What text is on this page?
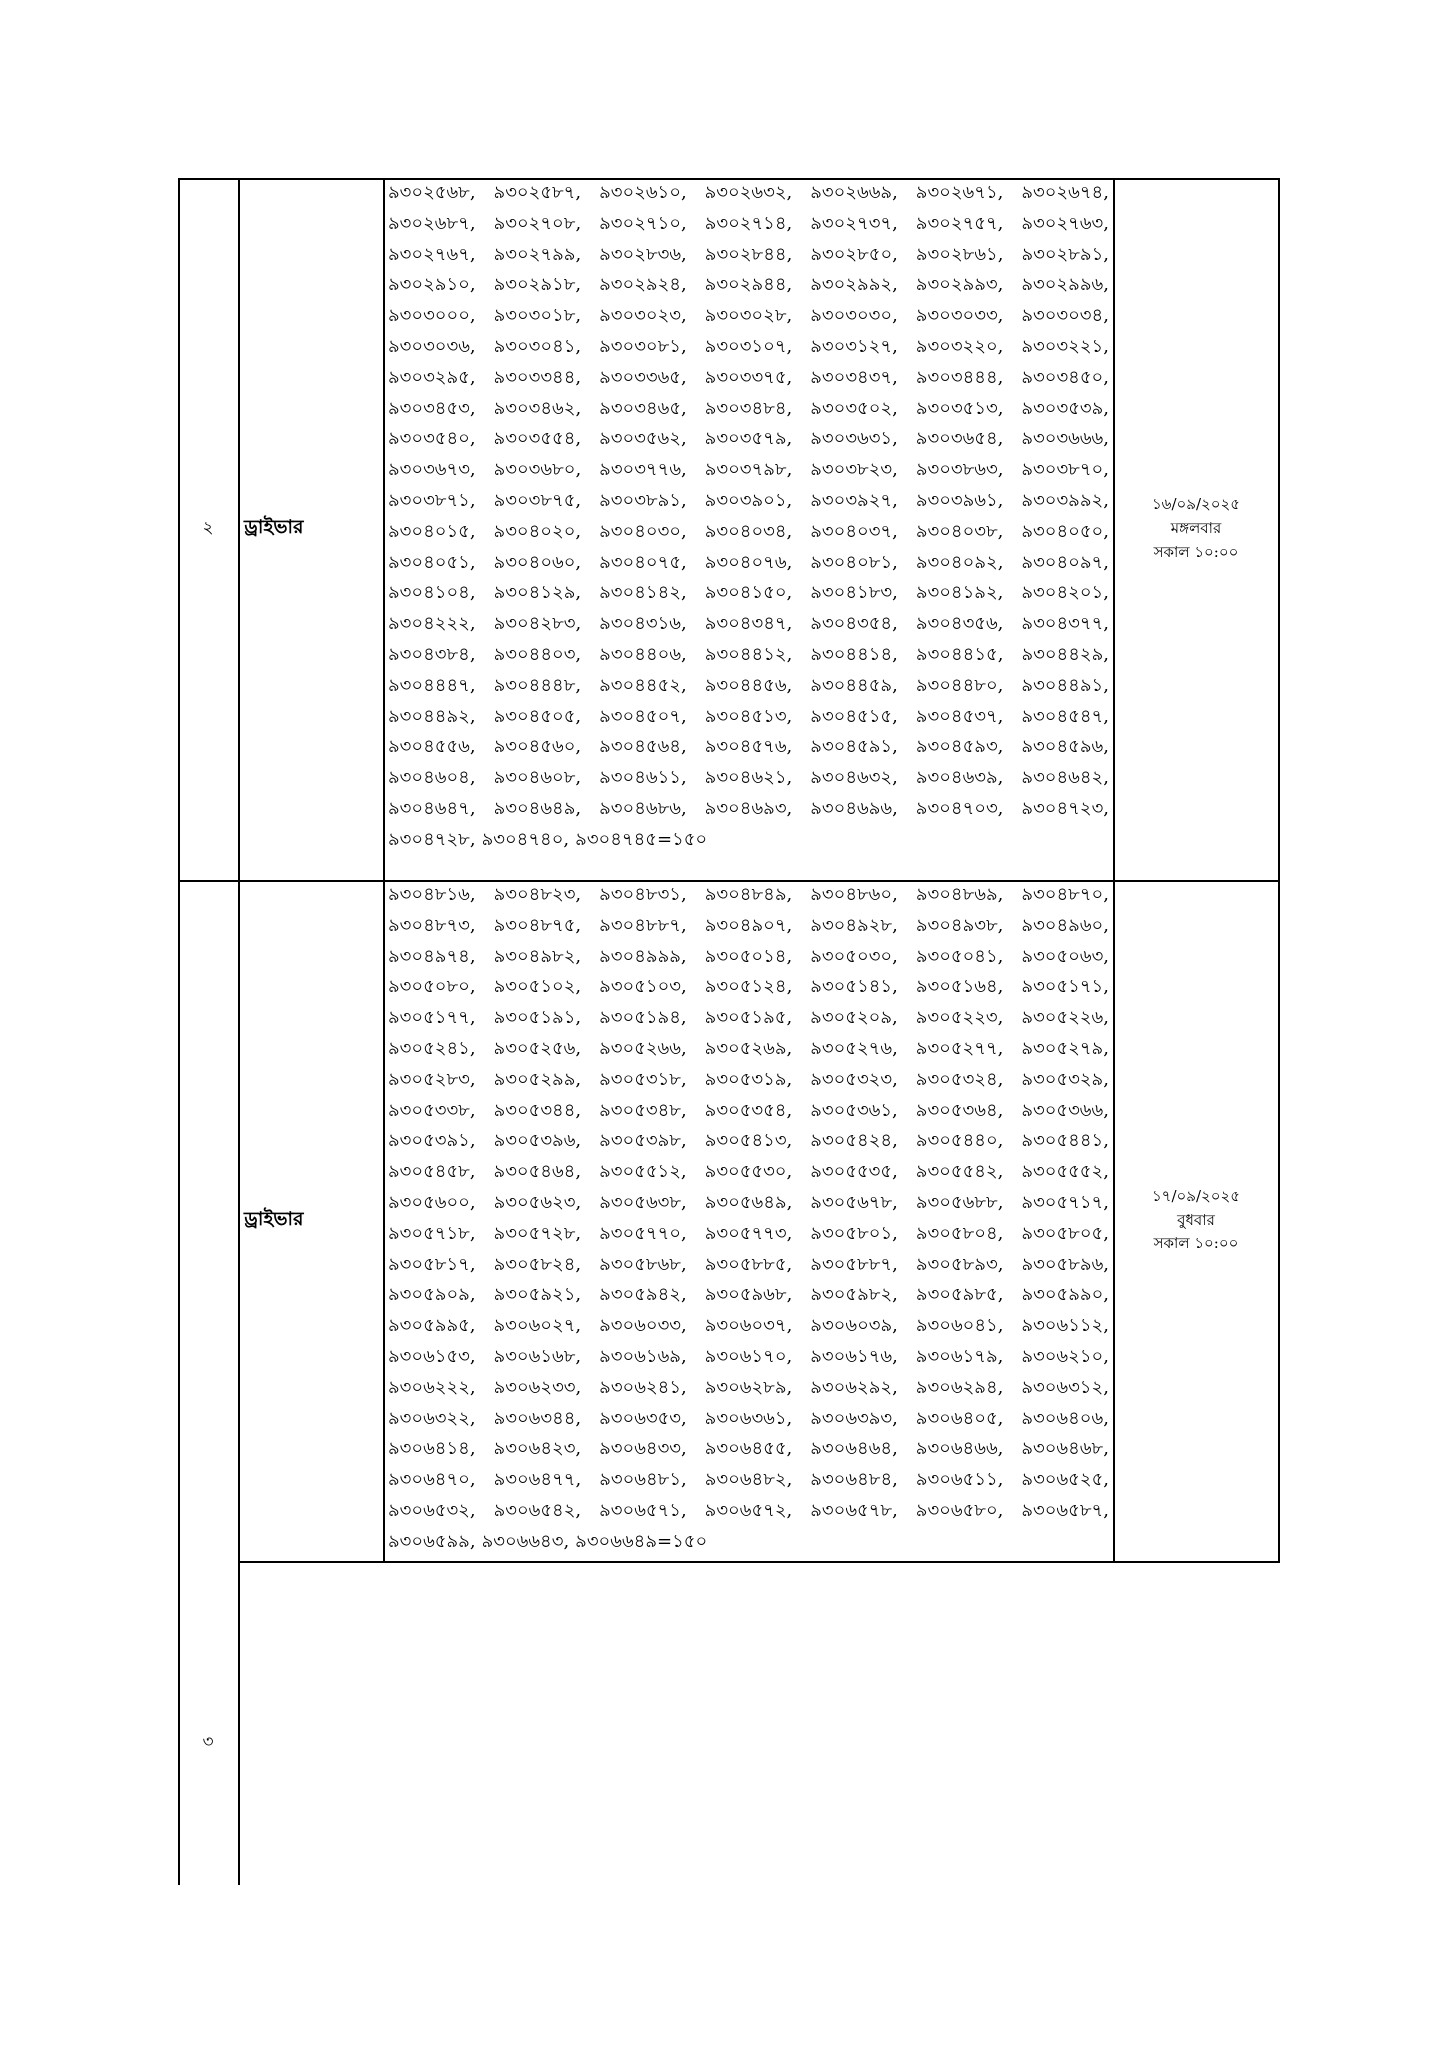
২ ড্রাইভার
৯৩০২৫৬৮, ৯৩০২৫৮৭, ৯৩০২৬১০, ৯৩০২৬৩২, ৯৩০২৬৬৯, ৯৩০২৬৭১, ৯৩০২৬৭৪,
৯৩০২৬৮৭, ৯৩০২৭০৮, ৯৩০২৭১০, ৯৩০২৭১৪, ৯৩০২৭৩৭, ৯৩০২৭৫৭, ৯৩০২৭৬৩,
৯৩০২৭৬৭, ৯৩০২৭৯৯, ৯৩০২৮৩৬, ৯৩০২৮৪৪, ৯৩০২৮৫০, ৯৩০২৮৬১, ৯৩০২৮৯১,
৯৩০২৯১০, ৯৩০২৯১৮, ৯৩০২৯২৪, ৯৩০২৯৪৪, ৯৩০২৯৯২, ৯৩০২৯৯৩, ৯৩০২৯৯৬,
৯৩০৩০০০, ৯৩০৩০১৮, ৯৩০৩০২৩, ৯৩০৩০২৮, ৯৩০৩০৩০, ৯৩০৩০৩৩, ৯৩০৩০৩৪,
৯৩০৩০৩৬, ৯৩০৩০৪১, ৯৩০৩০৮১, ৯৩০৩১০৭, ৯৩০৩১২৭, ৯৩০৩২২০, ৯৩০৩২২১,
৯৩০৩২৯৫, ৯৩০৩৩৪৪, ৯৩০৩৩৬৫, ৯৩০৩৩৭৫, ৯৩০৩৪৩৭, ৯৩০৩৪৪৪, ৯৩০৩৪৫০,
৯৩০৩৪৫৩, ৯৩০৩৪৬২, ৯৩০৩৪৬৫, ৯৩০৩৪৮৪, ৯৩০৩৫০২, ৯৩০৩৫১৩, ৯৩০৩৫৩৯,
৯৩০৩৫৪০, ৯৩০৩৫৫৪, ৯৩০৩৫৬২, ৯৩০৩৫৭৯, ৯৩০৩৬৩১, ৯৩০৩৬৫৪, ৯৩০৩৬৬৬,
৯৩০৩৬৭৩, ৯৩০৩৬৮০, ৯৩০৩৭৭৬, ৯৩০৩৭৯৮, ৯৩০৩৮২৩, ৯৩০৩৮৬৩, ৯৩০৩৮৭০,
৯৩০৩৮৭১, ৯৩০৩৮৭৫, ৯৩০৩৮৯১, ৯৩০৩৯০১, ৯৩০৩৯২৭, ৯৩০৩৯৬১, ৯৩০৩৯৯২,
৯৩০৪০১৫, ৯৩০৪০২০, ৯৩০৪০৩০, ৯৩০৪০৩৪, ৯৩০৪০৩৭, ৯৩০৪০৩৮, ৯৩০৪০৫০,
৯৩০৪০৫১, ৯৩০৪০৬০, ৯৩০৪০৭৫, ৯৩০৪০৭৬, ৯৩০৪০৮১, ৯৩০৪০৯২, ৯৩০৪০৯৭,
৯৩০৪১০৪, ৯৩০৪১২৯, ৯৩০৪১৪২, ৯৩০৪১৫০, ৯৩০৪১৮৩, ৯৩০৪১৯২, ৯৩০৪২০১,
৯৩০৪২২২, ৯৩০৪২৮৩, ৯৩০৪৩১৬, ৯৩০৪৩৪৭, ৯৩০৪৩৫৪, ৯৩০৪৩৫৬, ৯৩০৪৩৭৭,
৯৩০৪৩৮৪, ৯৩০৪৪০৩, ৯৩০৪৪০৬, ৯৩০৪৪১২, ৯৩০৪৪১৪, ৯৩০৪৪১৫, ৯৩০৪৪২৯,
৯৩০৪৪৪৭, ৯৩০৪৪৪৮, ৯৩০৪৪৫২, ৯৩০৪৪৫৬, ৯৩০৪৪৫৯, ৯৩০৪৪৮০, ৯৩০৪৪৯১,
৯৩০৪৪৯২, ৯৩০৪৫০৫, ৯৩০৪৫০৭, ৯৩০৪৫১৩, ৯৩০৪৫১৫, ৯৩০৪৫৩৭, ৯৩০৪৫৪৭,
৯৩০৪৫৫৬, ৯৩০৪৫৬০, ৯৩০৪৫৬৪, ৯৩০৪৫৭৬, ৯৩০৪৫৯১, ৯৩০৪৫৯৩, ৯৩০৪৫৯৬,
৯৩০৪৬০৪, ৯৩০৪৬০৮, ৯৩০৪৬১১, ৯৩০৪৬২১, ৯৩০৪৬৩২, ৯৩০৪৬৩৯, ৯৩০৪৬৪২,
৯৩০৪৬৪৭, ৯৩০৪৬৪৯, ৯৩০৪৬৮৬, ৯৩০৪৬৯৩, ৯৩০৪৬৯৬, ৯৩০৪৭০৩, ৯৩০৪৭২৩,
৯৩০৪৭২৮, ৯৩০৪৭৪০, ৯৩০৪৭৪৫=১৫০
১৬/০৯/২০২৫
মঙ্গলবার
সকাল ১০:০০
৩
ড্রাইভার
৯৩০৪৮১৬, ৯৩০৪৮২৩, ৯৩০৪৮৩১, ৯৩০৪৮৪৯, ৯৩০৪৮৬০, ৯৩০৪৮৬৯, ৯৩০৪৮৭০,
৯৩০৪৮৭৩, ৯৩০৪৮৭৫, ৯৩০৪৮৮৭, ৯৩০৪৯০৭, ৯৩০৪৯২৮, ৯৩০৪৯৩৮, ৯৩০৪৯৬০,
৯৩০৪৯৭৪, ৯৩০৪৯৮২, ৯৩০৪৯৯৯, ৯৩০৫০১৪, ৯৩০৫০৩০, ৯৩০৫০৪১, ৯৩০৫০৬৩,
৯৩০৫০৮০, ৯৩০৫১০২, ৯৩০৫১০৩, ৯৩০৫১২৪, ৯৩০৫১৪১, ৯৩০৫১৬৪, ৯৩০৫১৭১,
৯৩০৫১৭৭, ৯৩০৫১৯১, ৯৩০৫১৯৪, ৯৩০৫১৯৫, ৯৩০৫২০৯, ৯৩০৫২২৩, ৯৩০৫২২৬,
৯৩০৫২৪১, ৯৩০৫২৫৬, ৯৩০৫২৬৬, ৯৩০৫২৬৯, ৯৩০৫২৭৬, ৯৩০৫২৭৭, ৯৩০৫২৭৯,
৯৩০৫২৮৩, ৯৩০৫২৯৯, ৯৩০৫৩১৮, ৯৩০৫৩১৯, ৯৩০৫৩২৩, ৯৩০৫৩২৪, ৯৩০৫৩২৯,
৯৩০৫৩৩৮, ৯৩০৫৩৪৪, ৯৩০৫৩৪৮, ৯৩০৫৩৫৪, ৯৩০৫৩৬১, ৯৩০৫৩৬৪, ৯৩০৫৩৬৬,
৯৩০৫৩৯১, ৯৩০৫৩৯৬, ৯৩০৫৩৯৮, ৯৩০৫৪১৩, ৯৩০৫৪২৪, ৯৩০৫৪৪০, ৯৩০৫৪৪১,
৯৩০৫৪৫৮, ৯৩০৫৪৬৪, ৯৩০৫৫১২, ৯৩০৫৫৩০, ৯৩০৫৫৩৫, ৯৩০৫৫৪২, ৯৩০৫৫৫২,
৯৩০৫৬০০, ৯৩০৫৬২৩, ৯৩০৫৬৩৮, ৯৩০৫৬৪৯, ৯৩০৫৬৭৮, ৯৩০৫৬৮৮, ৯৩০৫৭১৭,
৯৩০৫৭১৮, ৯৩০৫৭২৮, ৯৩০৫৭৭০, ৯৩০৫৭৭৩, ৯৩০৫৮০১, ৯৩০৫৮০৪, ৯৩০৫৮০৫,
৯৩০৫৮১৭, ৯৩০৫৮২৪, ৯৩০৫৮৬৮, ৯৩০৫৮৮৫, ৯৩০৫৮৮৭, ৯৩০৫৮৯৩, ৯৩০৫৮৯৬,
৯৩০৫৯০৯, ৯৩০৫৯২১, ৯৩০৫৯৪২, ৯৩০৫৯৬৮, ৯৩০৫৯৮২, ৯৩০৫৯৮৫, ৯৩০৫৯৯০,
৯৩০৫৯৯৫, ৯৩০৬০২৭, ৯৩০৬০৩৩, ৯৩০৬০৩৭, ৯৩০৬০৩৯, ৯৩০৬০৪১, ৯৩০৬১১২,
৯৩০৬১৫৩, ৯৩০৬১৬৮, ৯৩০৬১৬৯, ৯৩০৬১৭০, ৯৩০৬১৭৬, ৯৩০৬১৭৯, ৯৩০৬২১০,
৯৩০৬২২২, ৯৩০৬২৩৩, ৯৩০৬২৪১, ৯৩০৬২৮৯, ৯৩০৬২৯২, ৯৩০৬২৯৪, ৯৩০৬৩১২,
৯৩০৬৩২২, ৯৩০৬৩৪৪, ৯৩০৬৩৫৩, ৯৩০৬৩৬১, ৯৩০৬৩৯৩, ৯৩০৬৪০৫, ৯৩০৬৪০৬,
৯৩০৬৪১৪, ৯৩০৬৪২৩, ৯৩০৬৪৩৩, ৯৩০৬৪৫৫, ৯৩০৬৪৬৪, ৯৩০৬৪৬৬, ৯৩০৬৪৬৮,
৯৩০৬৪৭০, ৯৩০৬৪৭৭, ৯৩০৬৪৮১, ৯৩০৬৪৮২, ৯৩০৬৪৮৪, ৯৩০৬৫১১, ৯৩০৬৫২৫,
৯৩০৬৫৩২, ৯৩০৬৫৪২, ৯৩০৬৫৭১, ৯৩০৬৫৭২, ৯৩০৬৫৭৮, ৯৩০৬৫৮০, ৯৩০৬৫৮৭,
৯৩০৬৫৯৯, ৯৩০৬৬৪৩, ৯৩০৬৬৪৯=১৫০
১৭/০৯/২০২৫
বুধবার
সকাল ১০:০০
